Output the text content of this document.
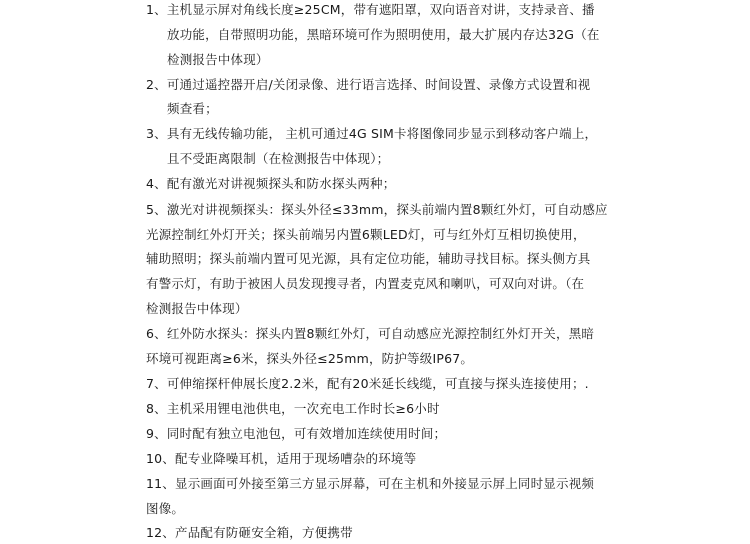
1、主机显示屏对角线长度≥25CM，带有遮阳罩，双向语音对讲，支持录音、播
放功能，自带照明功能，黑暗环境可作为照明使用，最大扩展内存达32G（在
检测报告中体现）
2、可通过遥控器开启/关闭录像、进行语言选择、时间设置、录像方式设置和视
频查看；
3、具有无线传输功能， 主机可通过4G SIM卡将图像同步显示到移动客户端上，
且不受距离限制（在检测报告中体现）；
4、配有激光对讲视频探头和防水探头两种；
5、激光对讲视频探头：探头外径≤33mm，探头前端内置8颗红外灯，可自动感应
光源控制红外灯开关；探头前端另内置6颗LED灯，可与红外灯互相切换使用，
辅助照明；探头前端内置可见光源，具有定位功能，辅助寻找目标。探头侧方具
有警示灯，有助于被困人员发现搜寻者，内置麦克风和喇叭，可双向对讲。（在
检测报告中体现）
6、红外防水探头：探头内置8颗红外灯，可自动感应光源控制红外灯开关，黑暗
环境可视距离≥6米，探头外径≤25mm，防护等级IP67。
7、可伸缩探杆伸展长度2.2米，配有20米延长线缆，可直接与探头连接使用；.
8、主机采用锂电池供电，一次充电工作时长≥6小时
9、同时配有独立电池包，可有效增加连续使用时间；
10、配专业降噪耳机，适用于现场嘈杂的环境等
11、显示画面可外接至第三方显示屏幕，可在主机和外接显示屏上同时显示视频
图像。
12、产品配有防砸安全箱，方便携带
